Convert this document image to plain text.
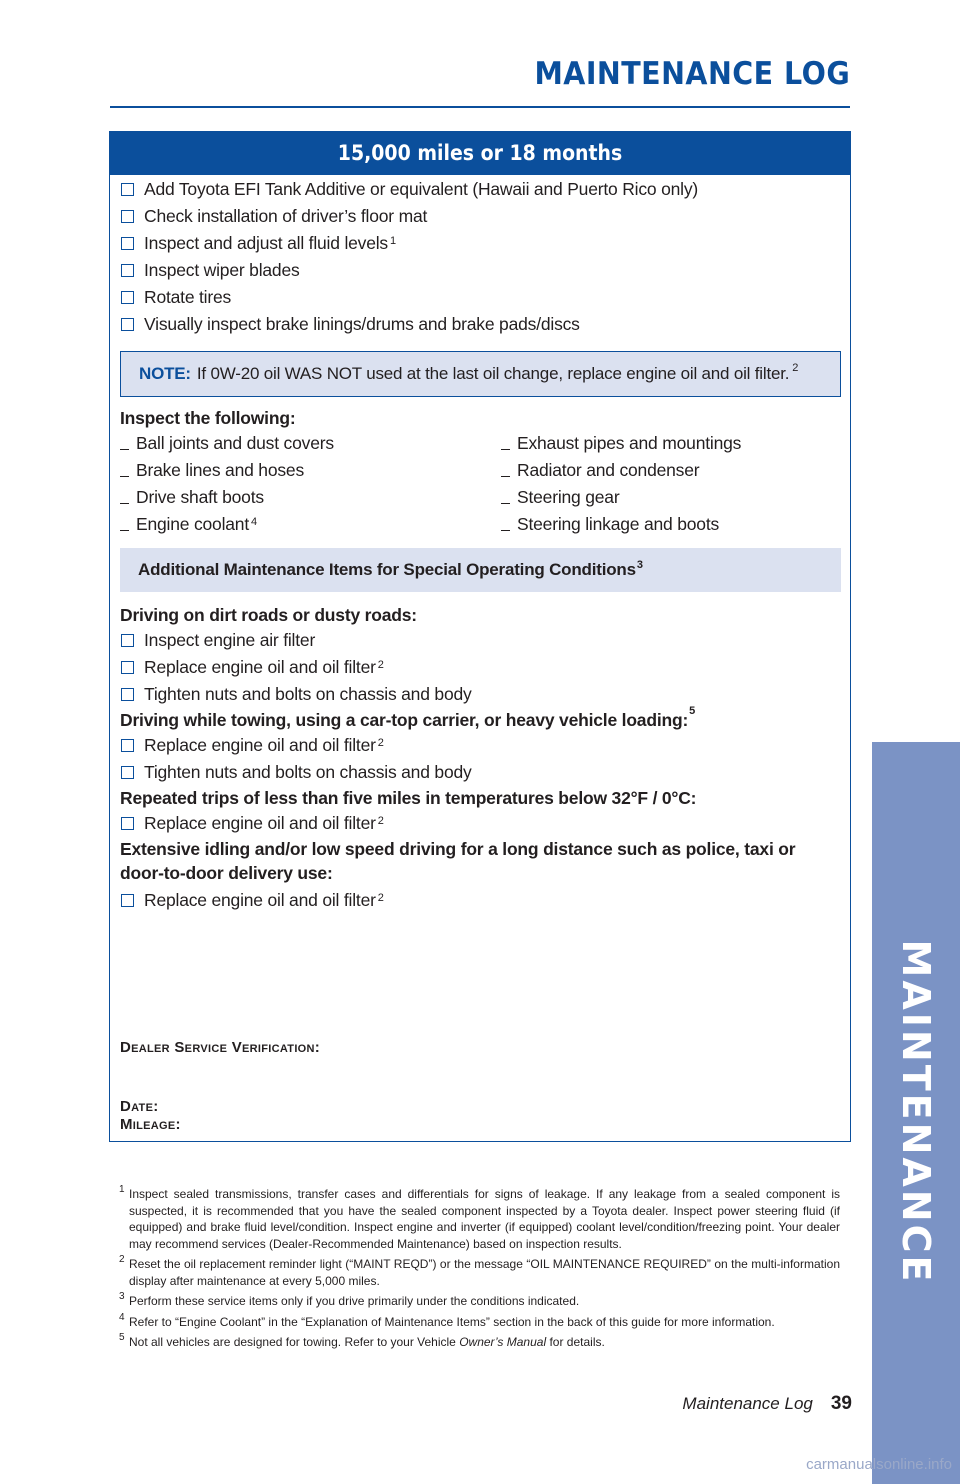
MAINTENANCE LOG
MAINTENANCE
15,000 miles or 18 months
Add Toyota EFI Tank Additive or equivalent (Hawaii and Puerto Rico only)
Check installation of driver’s floor mat
Inspect and adjust all fluid levels$^1$
Inspect wiper blades
Rotate tires
Visually inspect brake linings/drums and brake pads/discs
NOTE: If 0W-20 oil WAS NOT used at the last oil change, replace engine oil and oil filter. $^2$
Inspect the following:
Ball joints and dust covers
Brake lines and hoses
Drive shaft boots
Engine coolant$^4$
Exhaust pipes and mountings
Radiator and condenser
Steering gear
Steering linkage and boots
Additional Maintenance Items for Special Operating Conditions$^3$
Driving on dirt roads or dusty roads:
Inspect engine air filter
Replace engine oil and oil filter$^2$
Tighten nuts and bolts on chassis and body
Driving while towing, using a car-top carrier, or heavy vehicle loading:$^5$
Replace engine oil and oil filter$^2$
Tighten nuts and bolts on chassis and body
Repeated trips of less than five miles in temperatures below 32°F / 0°C:
Replace engine oil and oil filter$^2$
Extensive idling and/or low speed driving for a long distance such as police, taxi or
door-to-door delivery use:
Replace engine oil and oil filter$^2$
Dealer Service Verification:
Date:
Mileage:
1 Inspect sealed transmissions, transfer cases and differentials for signs of leakage. If any leakage from a sealed component is suspected, it is recommended that you have the sealed component inspected by a Toyota dealer. Inspect power steering fluid (if equipped) and brake fluid level/condition. Inspect engine and inverter (if equipped) coolant level/condition/freezing point. Your dealer may recommend services (Dealer-Recommended Maintenance) based on inspection results.
2 Reset the oil replacement reminder light (“MAINT REQD”) or the message “OIL MAINTENANCE REQUIRED” on the multi-information display after maintenance at every 5,000 miles.
3 Perform these service items only if you drive primarily under the conditions indicated.
4 Refer to “Engine Coolant” in the “Explanation of Maintenance Items” section in the back of this guide for more information.
5 Not all vehicles are designed for towing. Refer to your Vehicle Owner’s Manual for details.
Maintenance Log 39
carmanualsonline.info
